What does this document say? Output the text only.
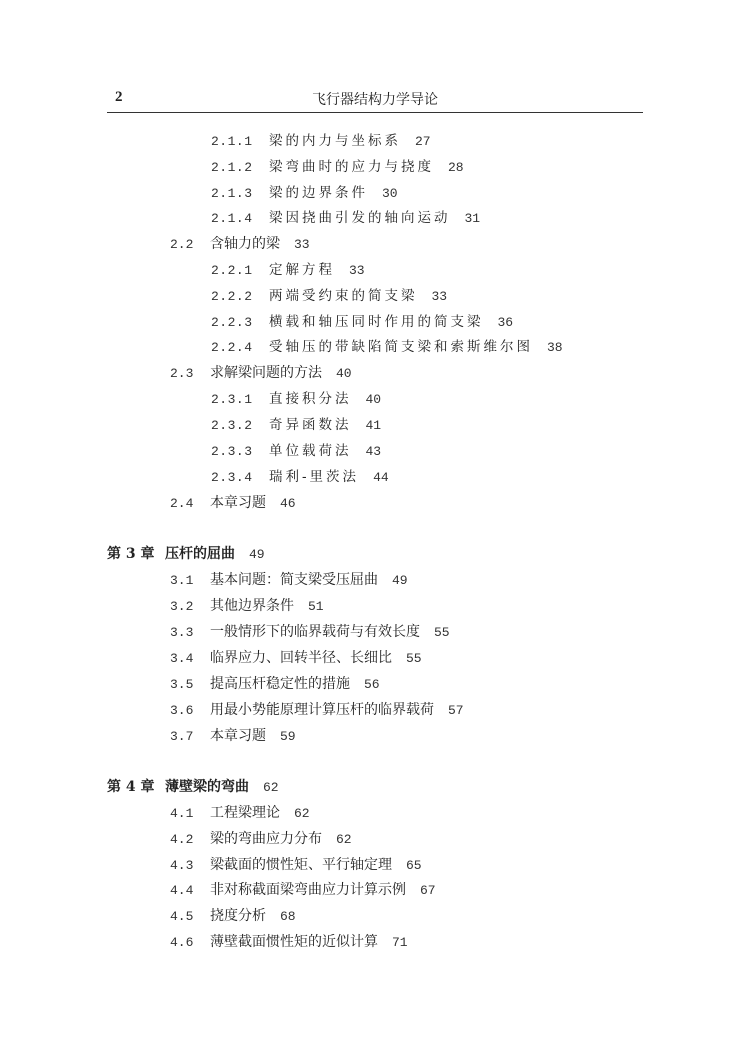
2	飞行器结构力学导论
2.1.1 梁的内力与坐标系 27
2.1.2 梁弯曲时的应力与挠度 28
2.1.3 梁的边界条件 30
2.1.4 梁因挠曲引发的轴向运动 31
2.2 含轴力的梁 33
2.2.1 定解方程 33
2.2.2 两端受约束的简支梁 33
2.2.3 横载和轴压同时作用的简支梁 36
2.2.4 受轴压的带缺陷简支梁和索斯维尔图 38
2.3 求解梁问题的方法 40
2.3.1 直接积分法 40
2.3.2 奇异函数法 41
2.3.3 单位载荷法 43
2.3.4 瑞利-里茨法 44
2.4 本章习题 46
第 3 章 压杆的屈曲 49
3.1 基本问题：简支梁受压屈曲 49
3.2 其他边界条件 51
3.3 一般情形下的临界载荷与有效长度 55
3.4 临界应力、回转半径、长细比 55
3.5 提高压杆稳定性的措施 56
3.6 用最小势能原理计算压杆的临界载荷 57
3.7 本章习题 59
第 4 章 薄壁梁的弯曲 62
4.1 工程梁理论 62
4.2 梁的弯曲应力分布 62
4.3 梁截面的惯性矩、平行轴定理 65
4.4 非对称截面梁弯曲应力计算示例 67
4.5 挠度分析 68
4.6 薄壁截面惯性矩的近似计算 71
